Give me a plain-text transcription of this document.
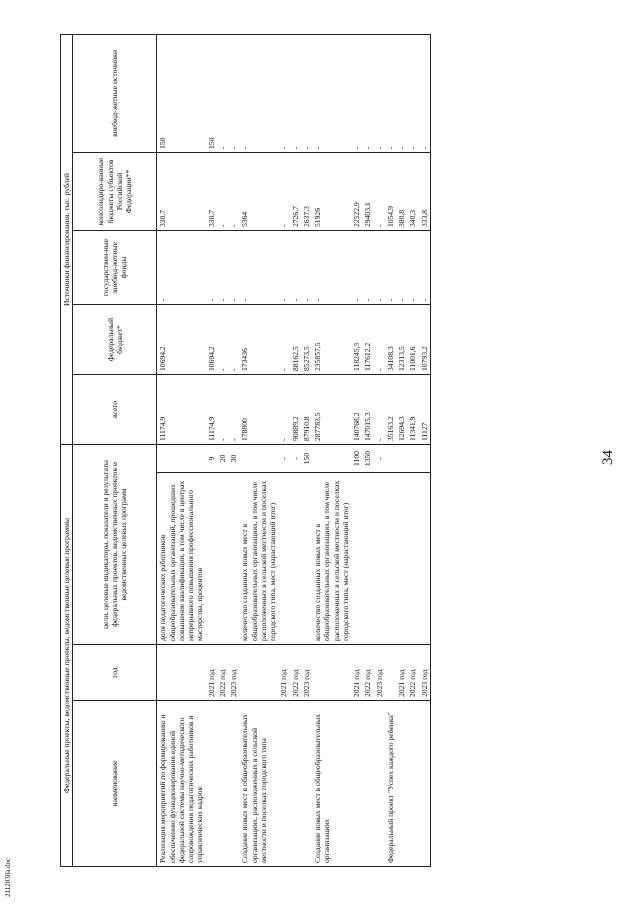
34
Федеральные проекты, ведомственные проекты, ведомственные целевые программы				Источники финансирования, тыс. рублей				
наименование	год	цели, целевые индикаторы, показатели и результаты федеральных проектов, ведомственных проектов и ведомственных целевых программ		всего	федеральный бюджет*	государствен-ные внебюд-жетные фонды	консолидиро-ванные бюджеты субъектов Российской Федерации**	внебюд-жетные источники
Реализация мероприятий по формированию и обеспечению функционирования единой федеральной системы научно-методического сопровождения педагогических работников и управленческих кадров		доля педагогических работников общеобразовательных организаций, прошедших повышение квалификации, в том числе в центрах непрерывного повышения профессионального мастерства, процентов		11174,9	10694,2	-	330,7	150
	2021 год		9	11174,9	10694,2	-	330,7	150
	2022 год		20	-	-	-	-	-
	2023 год		30	-	-	-	-	-
Создание новых мест в общеобразовательных организациях, расположенных в сельской местности и поселках городского типа		количество созданных новых мест в общеобразовательных организациях, в том числе расположенных в сельской местности и поселках городского типа, мест (нарастающий итог)		178800	173436	-	5364	-
	2021 год		-	-	-	-	-	-
	2022 год		-	90889,2	88162,5	-	2726,7	-
	2023 год		150	87910,8	85273,5	-	2637,3	-
Создание новых мест в общеобразовательных организациях		количество созданных новых мест в общеобразовательных организациях, в том числе расположенных в сельской местности и поселках городского типа, мест (нарастающий итог)		287783,5	235857,5	-	51926	-
	2021 год		1100	140768,2	118245,3	-	22522,9	-
	2022 год		1350	147015,3	117612,2	-	29403,1	-
	2023 год		-	-	-	-	-	-
Федеральный проект "Успех каждого ребенка"				35163,2	34108,3	-	1054,9	-
	2021 год			12694,3	12313,5	-	380,8	-
	2022 год			11341,9	11001,6	-	340,3	-
	2023 год			11127	10793,2	-	333,8	-
2112030a.doc
